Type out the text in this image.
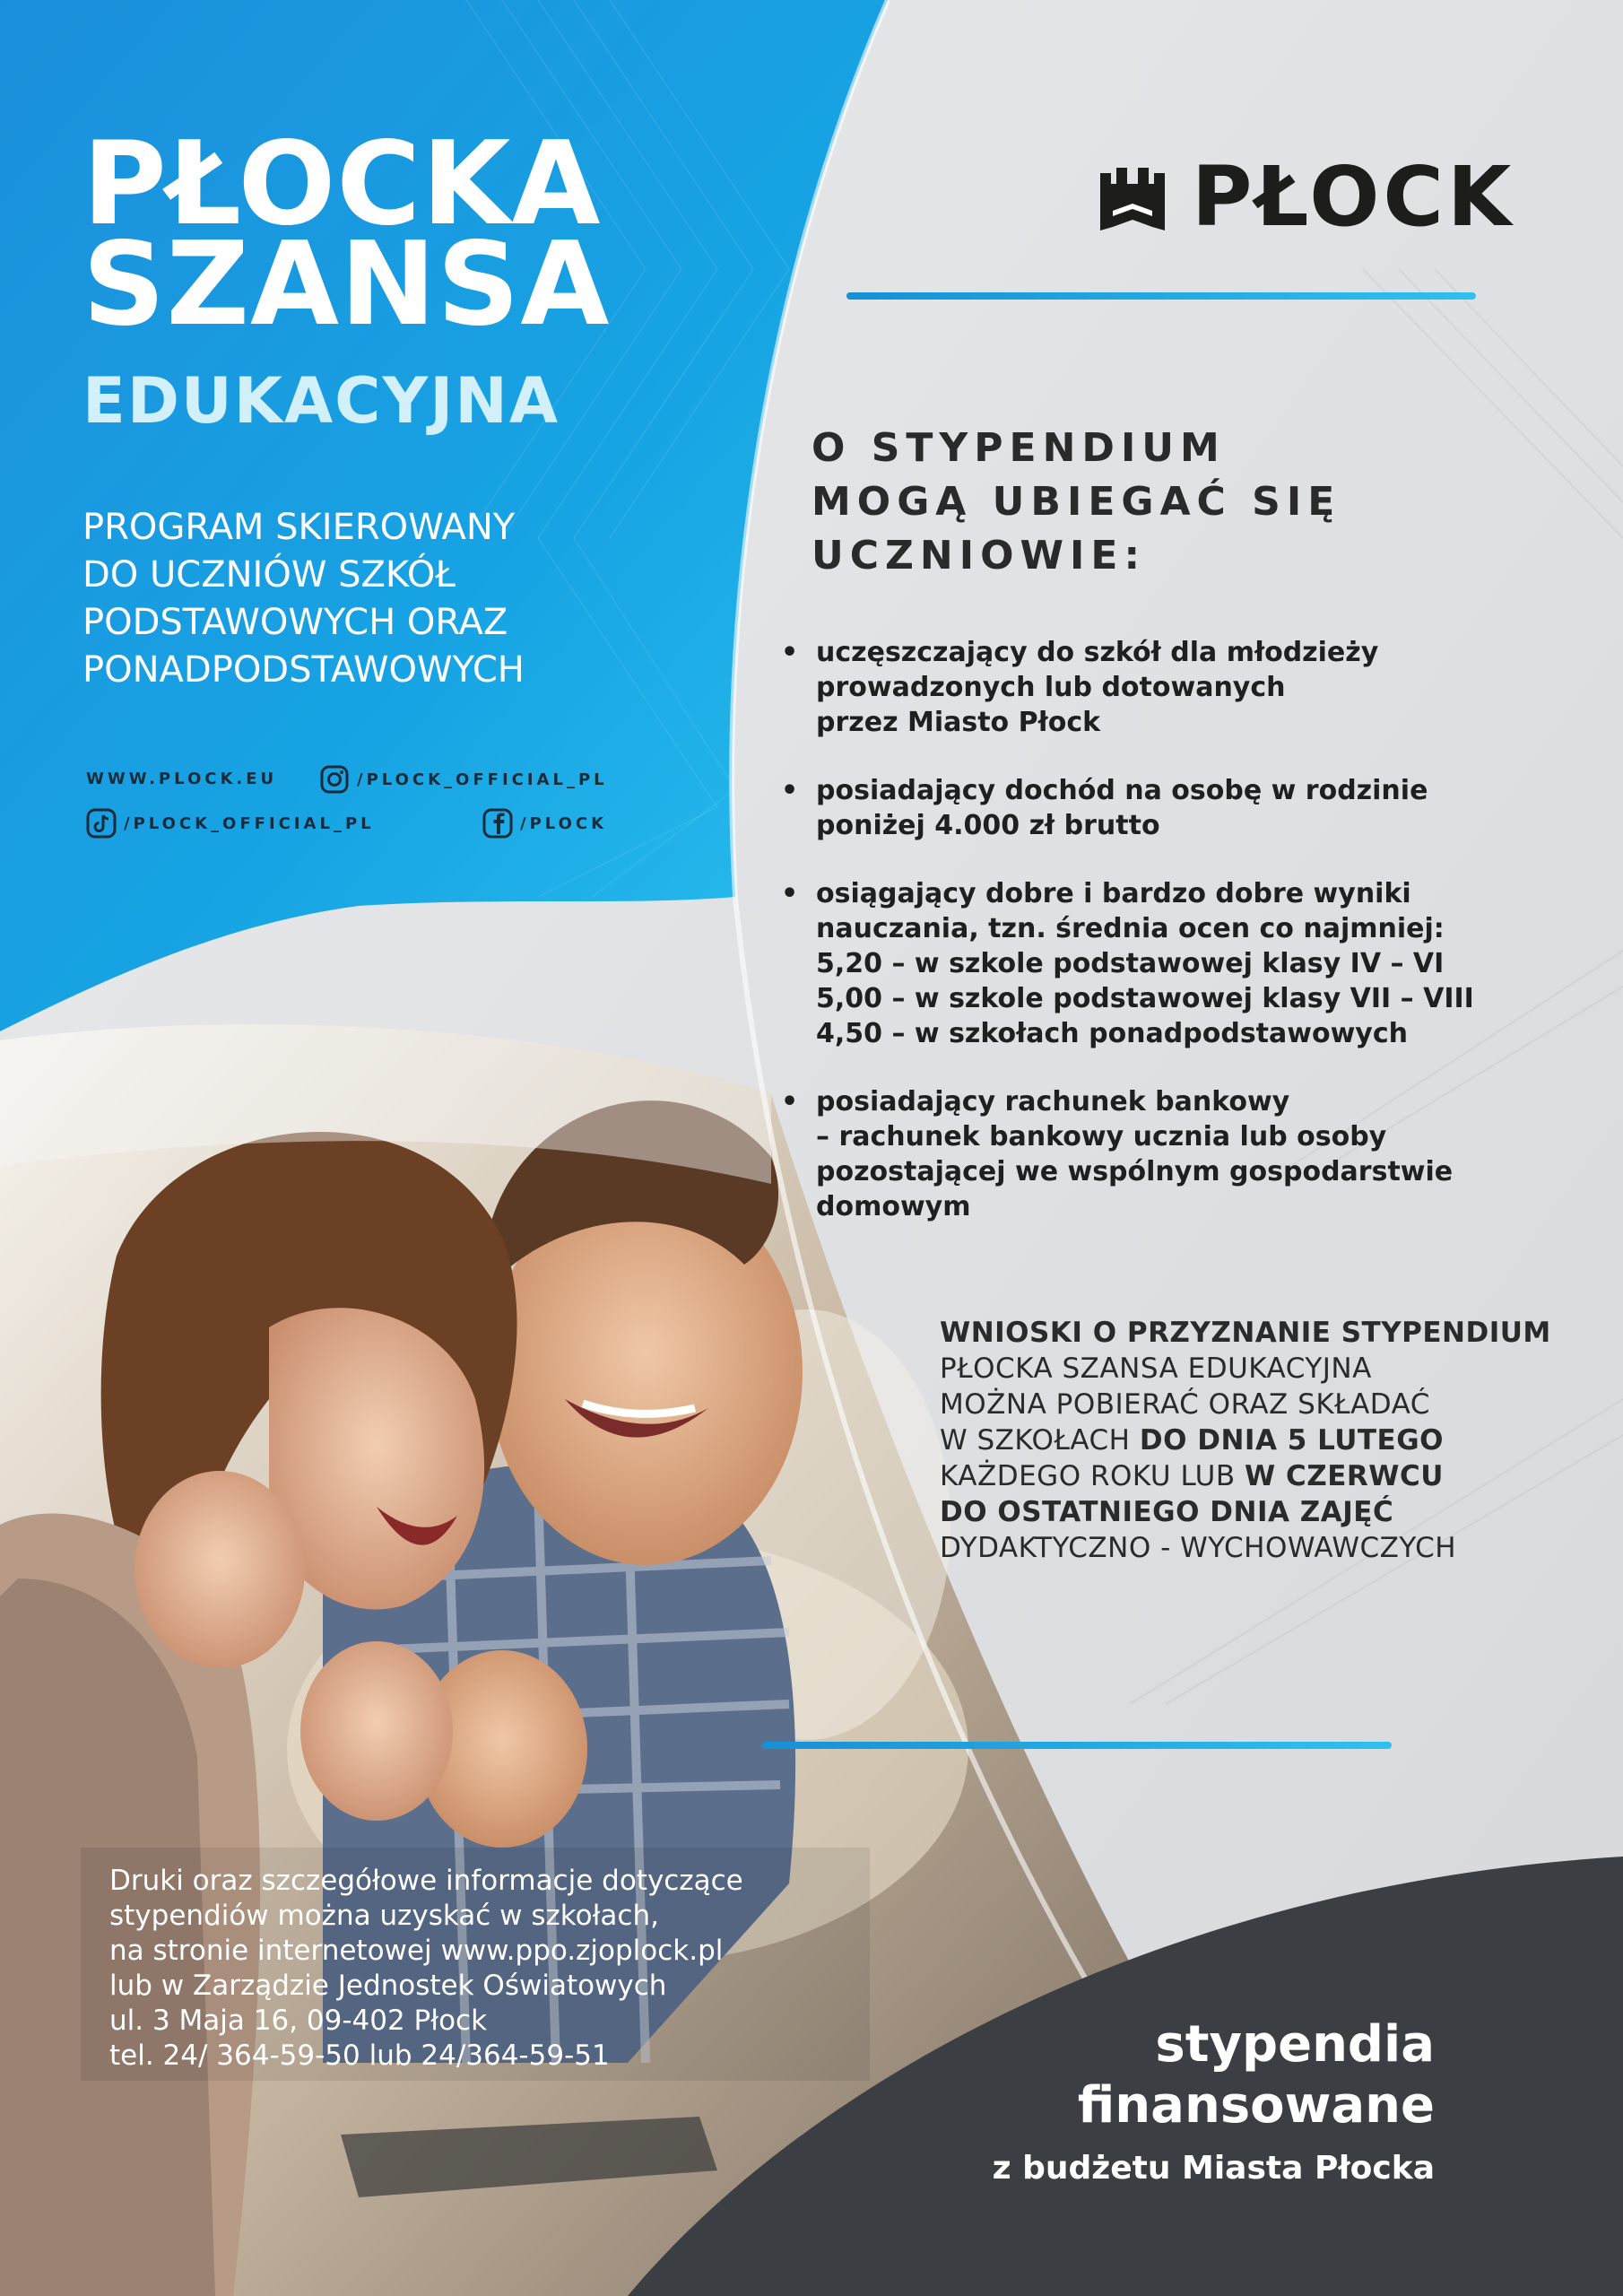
PŁOCKA
SZANSA
EDUKACYJNA
PROGRAM SKIEROWANY
DO UCZNIÓW SZKÓŁ
PODSTAWOWYCH ORAZ
PONADPODSTAWOWYCH
WWW.PLOCK.EU	/PLOCK_OFFICIAL_PL
/PLOCK_OFFICIAL_PL	/PLOCK
PŁOCK
O STYPENDIUM
MOGĄ UBIEGAĆ SIĘ
UCZNIOWIE:
• uczęszczający do szkół dla młodzieży
prowadzonych lub dotowanych
przez Miasto Płock
• posiadający dochód na osobę w rodzinie
poniżej 4.000 zł brutto
• osiągający dobre i bardzo dobre wyniki
nauczania, tzn. średnia ocen co najmniej:
5,20 – w szkole podstawowej klasy IV – VI
5,00 – w szkole podstawowej klasy VII – VIII
4,50 – w szkołach ponadpodstawowych
• posiadający rachunek bankowy
– rachunek bankowy ucznia lub osoby
pozostającej we wspólnym gospodarstwie
domowym
WNIOSKI O PRZYZNANIE STYPENDIUM
PŁOCKA SZANSA EDUKACYJNA
MOŻNA POBIERAĆ ORAZ SKŁADAĆ
W SZKOŁACH DO DNIA 5 LUTEGO
KAŻDEGO ROKU LUB W CZERWCU
DO OSTATNIEGO DNIA ZAJĘĆ
DYDAKTYCZNO - WYCHOWAWCZYCH
Druki oraz szczegółowe informacje dotyczące
stypendiów można uzyskać w szkołach,
na stronie internetowej www.ppo.zjoplock.pl
lub w Zarządzie Jednostek Oświatowych
ul. 3 Maja 16, 09-402 Płock
tel. 24/ 364-59-50 lub 24/364-59-51	stypendia
finansowane
z budżetu Miasta Płocka
